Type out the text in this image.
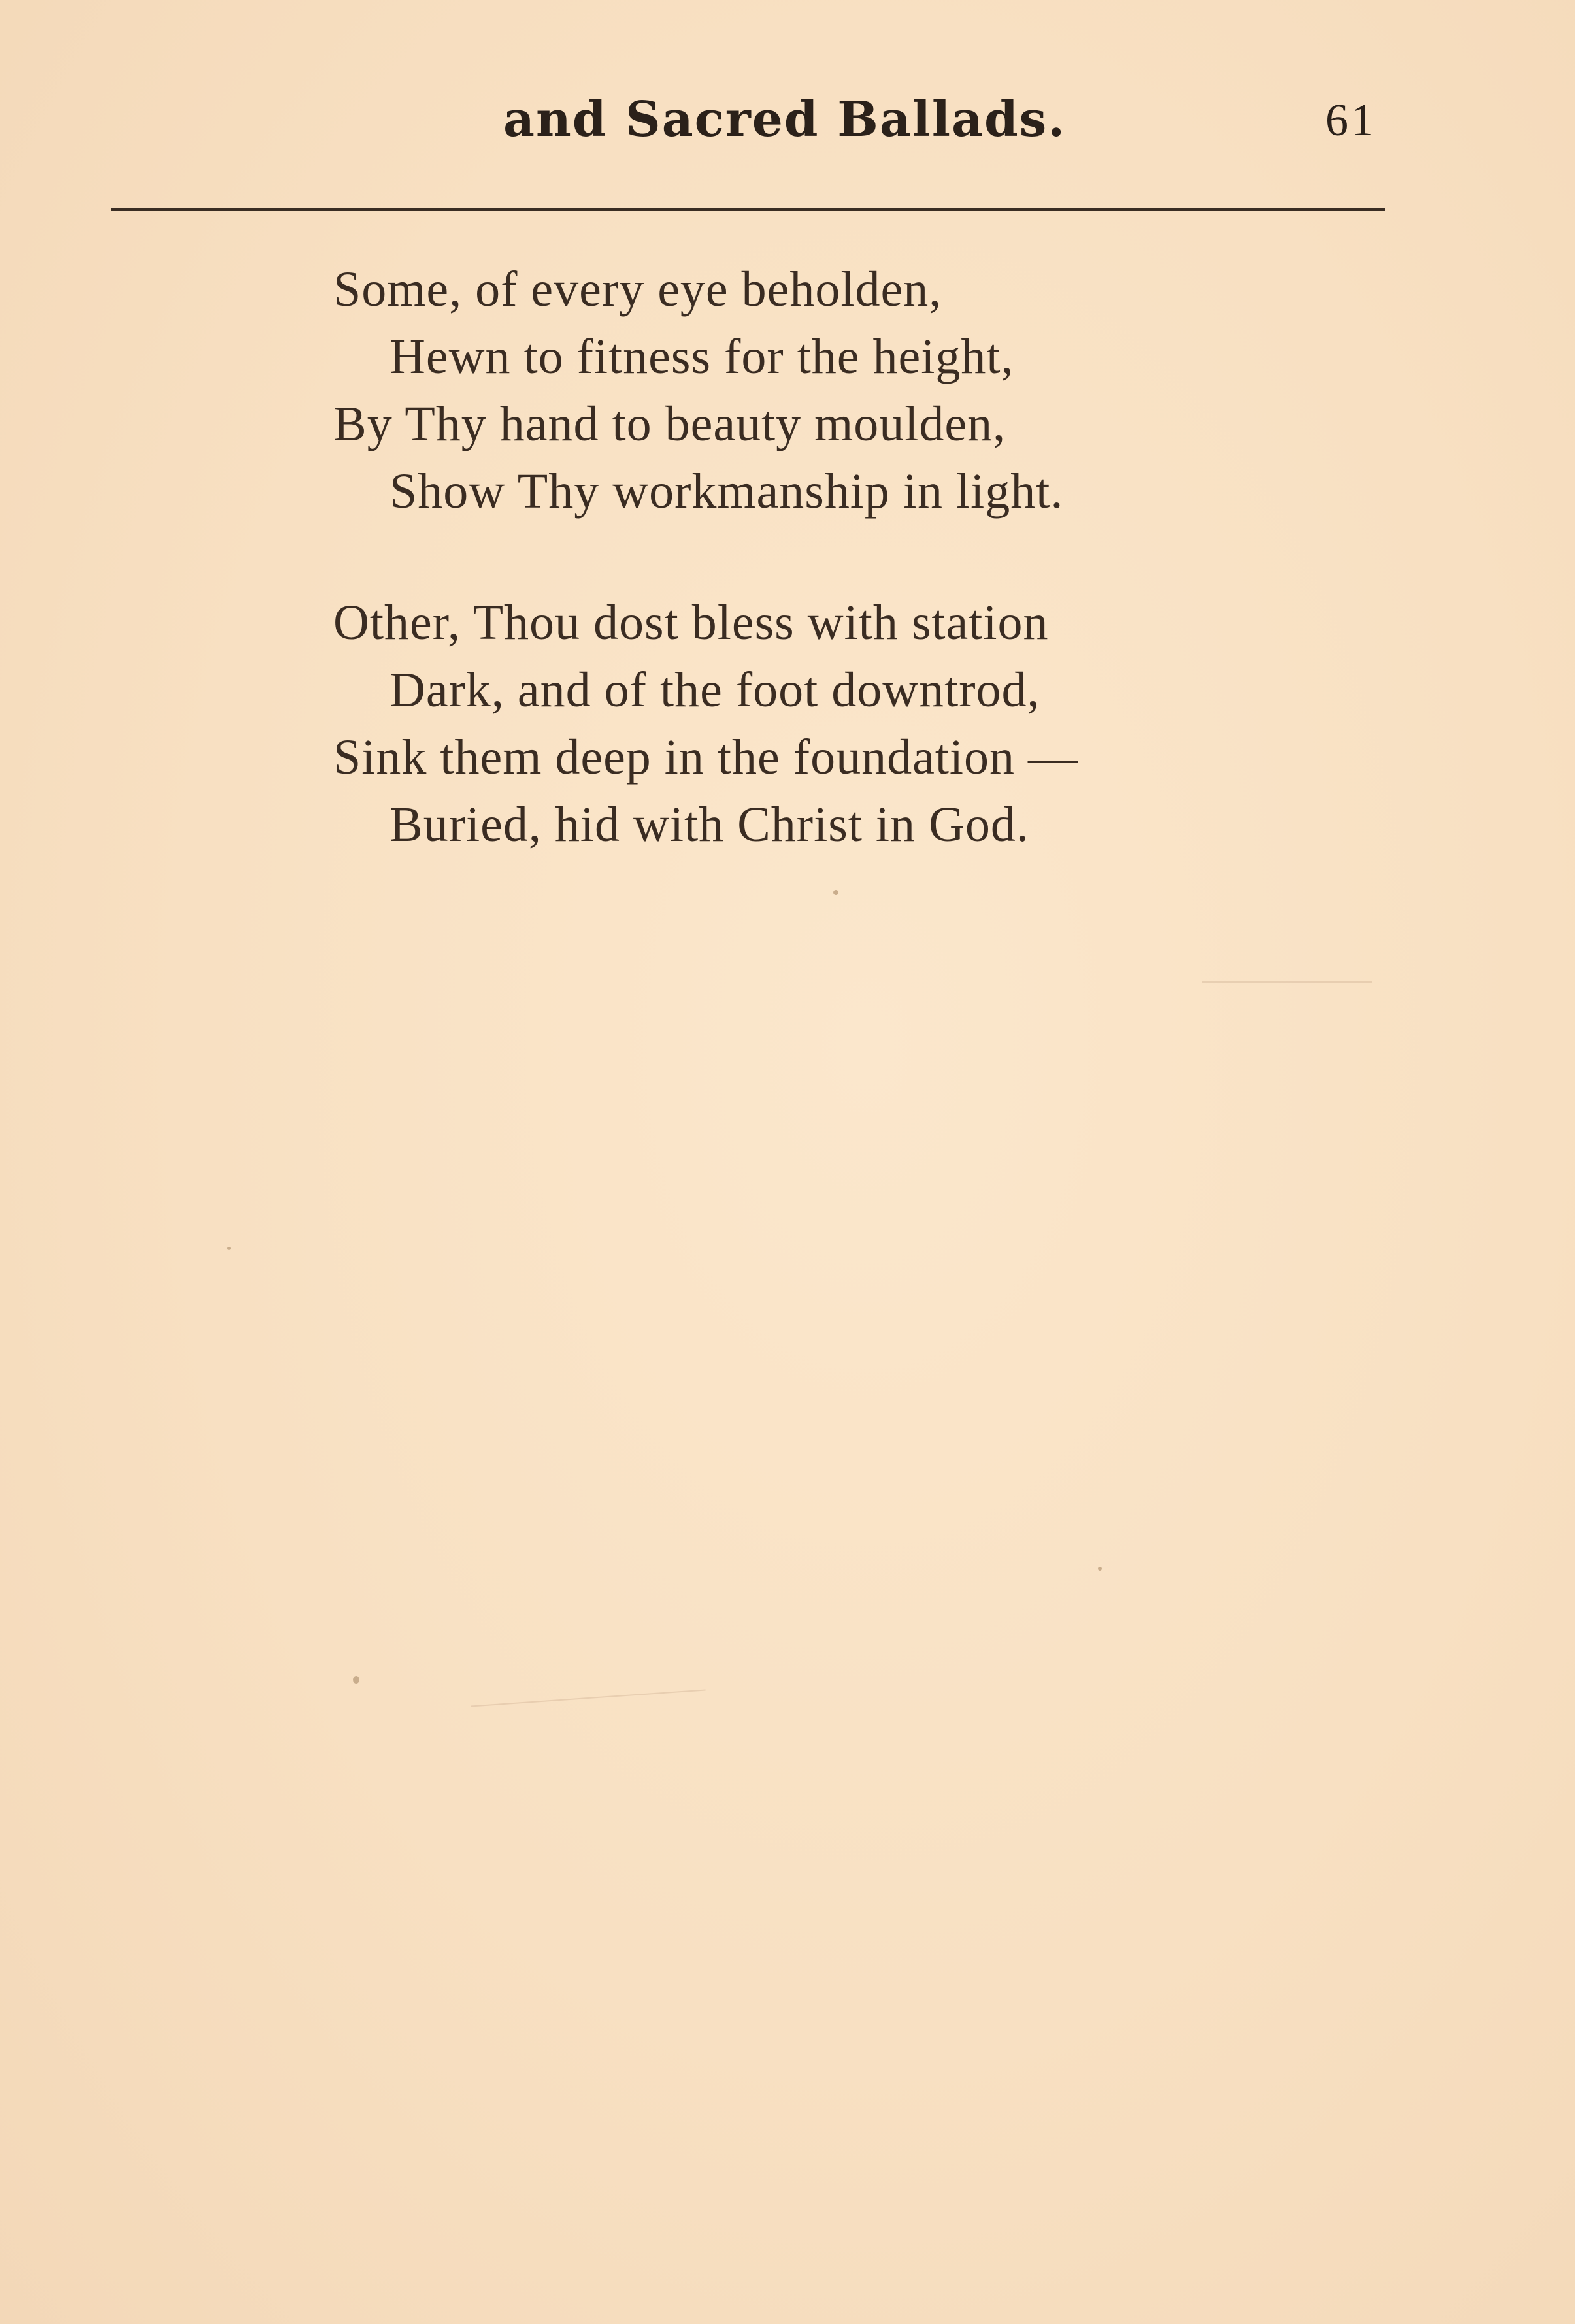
and Sacred Ballads.	61
Some, of every eye beholden,
Hewn to fitness for the height,
By Thy hand to beauty moulden,
Show Thy workmanship in light.
Other, Thou dost bless with station
Dark, and of the foot downtrod,
Sink them deep in the foundation —
Buried, hid with Christ in God.
